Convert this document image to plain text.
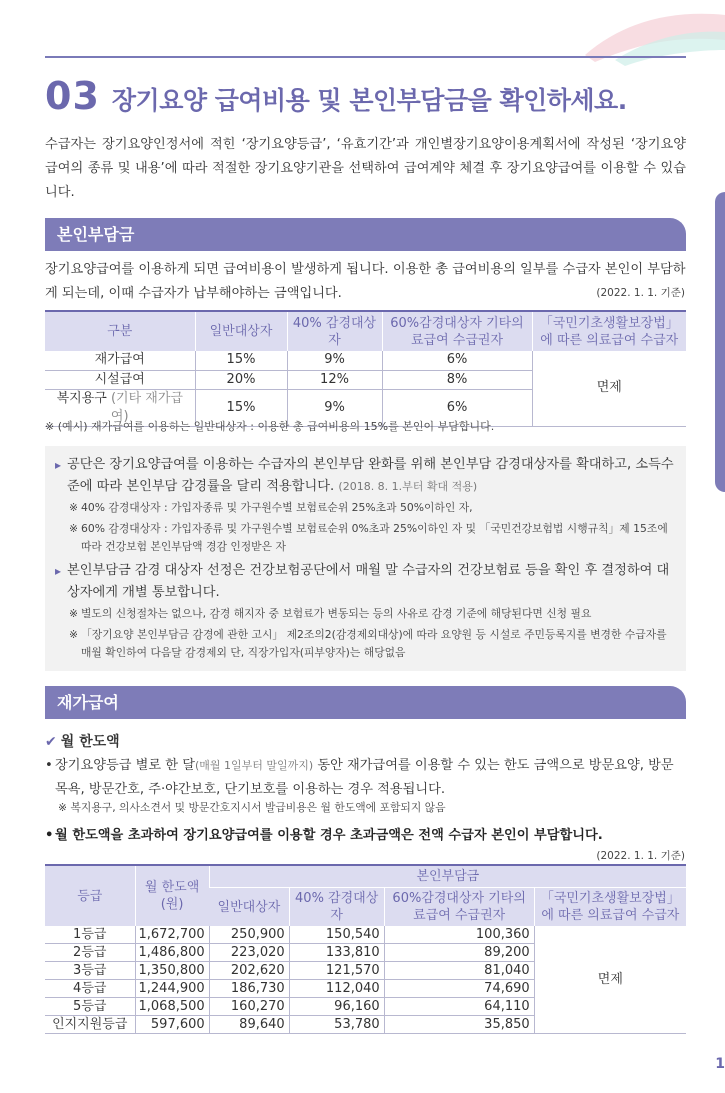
03 장기요양 급여비용 및 본인부담금을 확인하세요.

수급자는 장기요양인정서에 적힌 ‘장기요양등급’, ‘유효기간’과 개인별장기요양이용계획서에 작성된 ‘장기요양 급여의 종류 및 내용’에 따라 적절한 장기요양기관을 선택하여 급여계약 체결 후 장기요양급여를 이용할 수 있습니다.

본인부담금

장기요양급여를 이용하게 되면 급여비용이 발생하게 됩니다. 이용한 총 급여비용의 일부를 수급자 본인이 부담하게 되는데, 이때 수급자가 납부해야하는 금액입니다.	(2022. 1. 1. 기준)
구분	일반대상자	40% 감경대상자	60%감경대상자 기타의료급여 수급권자	「국민기초생활보장법」에 따른 의료급여 수급자
재가급여	15%	9%	6%	면제
시설급여	20%	12%	8%	
복지용구 (기타 재가급여)	15%	9%	6%	

※ (예시) 재가급여를 이용하는 일반대상자 : 이용한 총 급여비용의 15%를 본인이 부담합니다.

▸ 공단은 장기요양급여를 이용하는 수급자의 본인부담 완화를 위해 본인부담 감경대상자를 확대하고, 소득수준에 따라 본인부담 감경률을 달리 적용합니다. (2018. 8. 1.부터 확대 적용)

※ 40% 감경대상자 : 가입자종류 및 가구원수별 보험료순위 25%초과 50%이하인 자,

※ 60% 감경대상자 : 가입자종류 및 가구원수별 보험료순위 0%초과 25%이하인 자 및 「국민건강보험법 시행규칙」제 15조에 따라 건강보험 본인부담액 경감 인정받은 자

▸ 본인부담금 감경 대상자 선정은 건강보험공단에서 매월 말 수급자의 건강보험료 등을 확인 후 결정하여 대상자에게 개별 통보합니다.

※ 별도의 신청절차는 없으나, 감경 해지자 중 보험료가 변동되는 등의 사유로 감경 기준에 해당된다면 신청 필요

※ 「장기요양 본인부담금 감경에 관한 고시」 제2조의2(감경제외대상)에 따라 요양원 등 시설로 주민등록지를 변경한 수급자를 매월 확인하여 다음달 감경제외 단, 직장가입자(피부양자)는 해당없음

재가급여
✔ 월 한도액

• 장기요양등급 별로 한 달(매월 1일부터 말일까지) 동안 재가급여를 이용할 수 있는 한도 금액으로 방문요양, 방문목욕, 방문간호, 주·야간보호, 단기보호를 이용하는 경우 적용됩니다.

※ 복지용구, 의사소견서 및 방문간호지시서 발급비용은 월 한도액에 포함되지 않음

• 월 한도액을 초과하여 장기요양급여를 이용할 경우 초과금액은 전액 수급자 본인이 부담합니다.

(2022. 1. 1. 기준)
등급	월 한도액 (원)	본인부담금			
		일반대상자	40% 감경대상자	60%감경대상자 기타의료급여 수급권자	「국민기초생활보장법」에 따른 의료급여 수급자
1등급	1,672,700	250,900	150,540	100,360	면제
2등급	1,486,800	223,020	133,810	89,200	
3등급	1,350,800	202,620	121,570	81,040	
4등급	1,244,900	186,730	112,040	74,690	
5등급	1,068,500	160,270	96,160	64,110	
인지지원등급	597,600	89,640	53,780	35,850	
1
